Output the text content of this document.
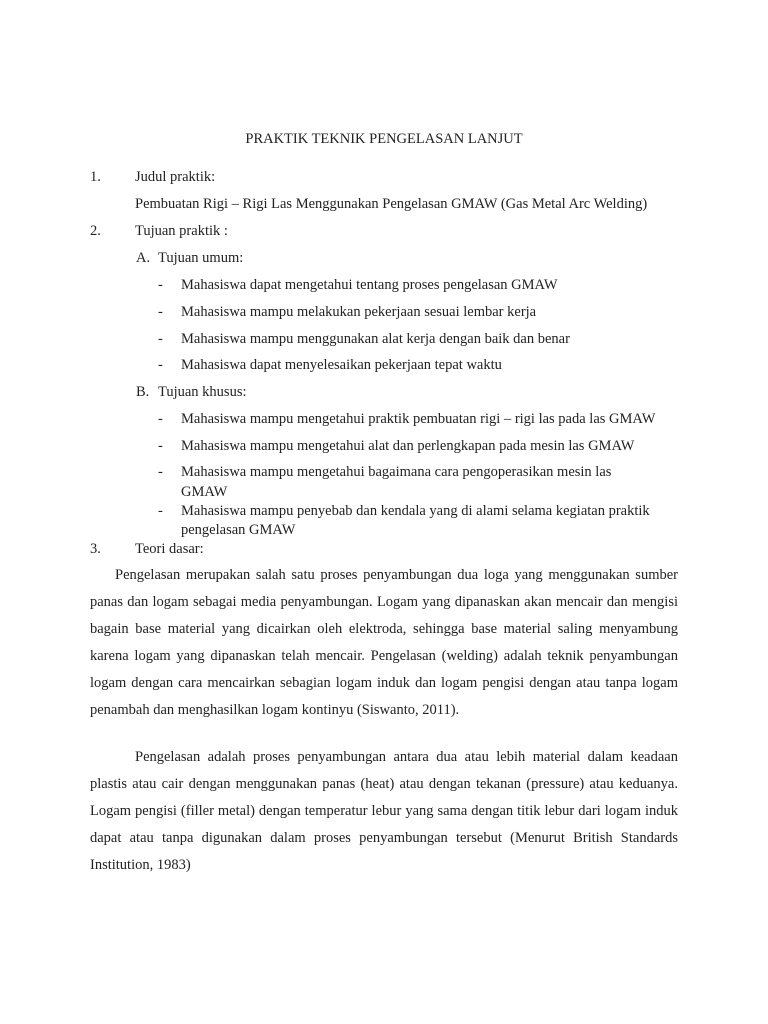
PRAKTIK TEKNIK PENGELASAN LANJUT
1. Judul praktik:
Pembuatan Rigi – Rigi Las Menggunakan Pengelasan GMAW (Gas Metal Arc Welding)
2. Tujuan praktik :
A. Tujuan umum:
- Mahasiswa dapat mengetahui tentang proses pengelasan GMAW
- Mahasiswa mampu melakukan pekerjaan sesuai lembar kerja
- Mahasiswa mampu menggunakan alat kerja dengan baik dan benar
- Mahasiswa dapat menyelesaikan pekerjaan tepat waktu
B. Tujuan khusus:
- Mahasiswa mampu mengetahui praktik pembuatan rigi – rigi las pada las GMAW
- Mahasiswa mampu mengetahui alat dan perlengkapan pada mesin las GMAW
- Mahasiswa mampu mengetahui bagaimana cara pengoperasikan mesin las
GMAW
- Mahasiswa mampu penyebab dan kendala yang di alami selama kegiatan praktik
pengelasan GMAW
3. Teori dasar:

Pengelasan merupakan salah satu proses penyambungan dua loga yang menggunakan sumber panas dan logam sebagai media penyambungan. Logam yang dipanaskan akan mencair dan mengisi bagain base material yang dicairkan oleh elektroda, sehingga base material saling menyambung karena logam yang dipanaskan telah mencair. Pengelasan (welding) adalah teknik penyambungan logam dengan cara mencairkan sebagian logam induk dan logam pengisi dengan atau tanpa logam penambah dan menghasilkan logam kontinyu (Siswanto, 2011).

Pengelasan adalah proses penyambungan antara dua atau lebih material dalam keadaan plastis atau cair dengan menggunakan panas (heat) atau dengan tekanan (pressure) atau keduanya. Logam pengisi (filler metal) dengan temperatur lebur yang sama dengan titik lebur dari logam induk dapat atau tanpa digunakan dalam proses penyambungan tersebut (Menurut British Standards Institution, 1983)
